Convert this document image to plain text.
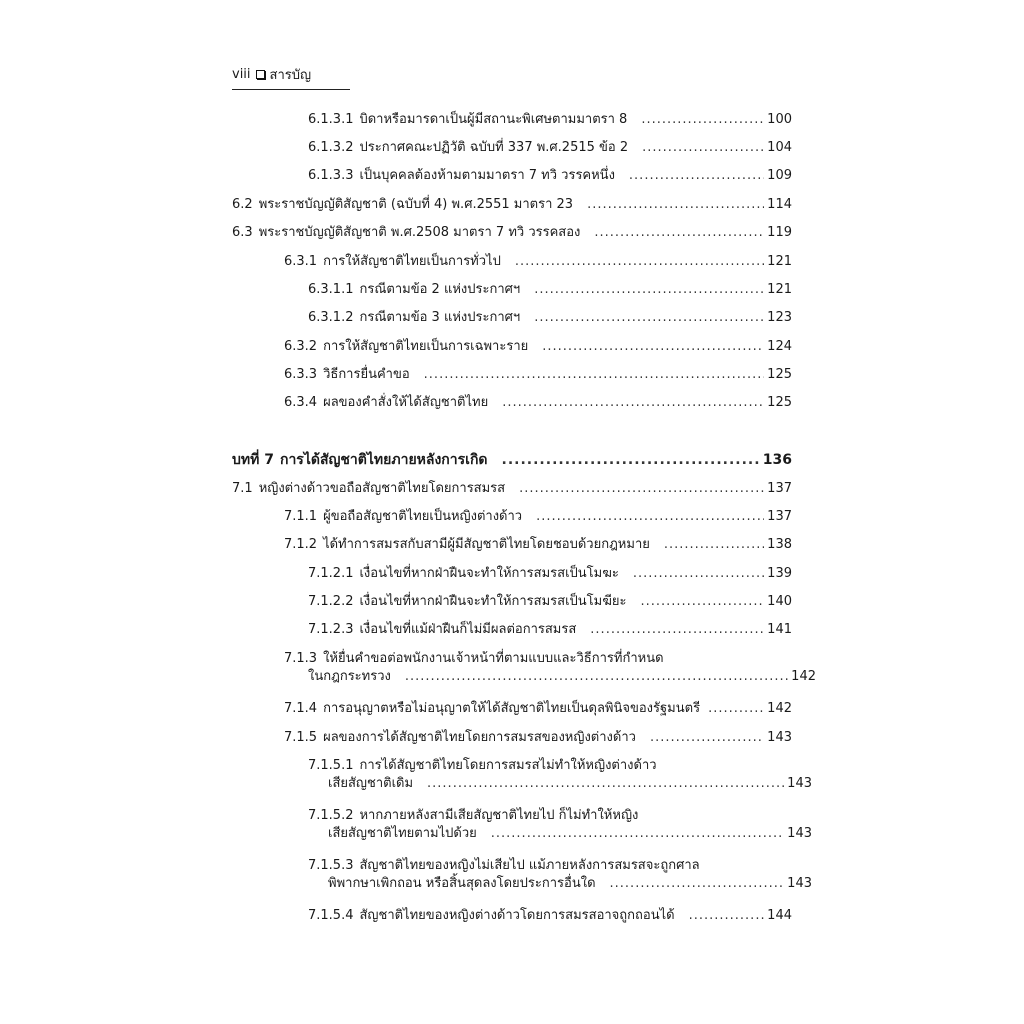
viii สารบัญ
6.1.3.1 บิดาหรือมารดาเป็นผู้มีสถานะพิเศษตามมาตรา 8 .....	100
6.1.3.2 ประกาศคณะปฏิวัติ ฉบับที่ 337 พ.ศ.2515 ข้อ 2 .....	104
6.1.3.3 เป็นบุคคลต้องห้ามตามมาตรา 7 ทวิ วรรคหนึ่ง .....	109
6.2 พระราชบัญญัติสัญชาติ (ฉบับที่ 4) พ.ศ.2551 มาตรา 23 .....	114
6.3 พระราชบัญญัติสัญชาติ พ.ศ.2508 มาตรา 7 ทวิ วรรคสอง .....	119
6.3.1 การให้สัญชาติไทยเป็นการทั่วไป .....	121
6.3.1.1 กรณีตามข้อ 2 แห่งประกาศฯ .....	121
6.3.1.2 กรณีตามข้อ 3 แห่งประกาศฯ .....	123
6.3.2 การให้สัญชาติไทยเป็นการเฉพาะราย .....	124
6.3.3 วิธีการยื่นคำขอ .....	125
6.3.4 ผลของคำสั่งให้ได้สัญชาติไทย .....	125
บทที่ 7 การได้สัญชาติไทยภายหลังการเกิด .....	136
7.1 หญิงต่างด้าวขอถือสัญชาติไทยโดยการสมรส .....	137
7.1.1 ผู้ขอถือสัญชาติไทยเป็นหญิงต่างด้าว .....	137
7.1.2 ได้ทำการสมรสกับสามีผู้มีสัญชาติไทยโดยชอบด้วยกฎหมาย .....	138
7.1.2.1 เงื่อนไขที่หากฝ่าฝืนจะทำให้การสมรสเป็นโมฆะ .....	139
7.1.2.2 เงื่อนไขที่หากฝ่าฝืนจะทำให้การสมรสเป็นโมฆียะ .....	140
7.1.2.3 เงื่อนไขที่แม้ฝ่าฝืนก็ไม่มีผลต่อการสมรส .....	141
7.1.3 ให้ยื่นคำขอต่อพนักงานเจ้าหน้าที่ตามแบบและวิธีการที่กำหนด
ในกฎกระทรวง .....	142
7.1.4 การอนุญาตหรือไม่อนุญาตให้ได้สัญชาติไทยเป็นดุลพินิจของรัฐมนตรี .....	142
7.1.5 ผลของการได้สัญชาติไทยโดยการสมรสของหญิงต่างด้าว .....	143
7.1.5.1 การได้สัญชาติไทยโดยการสมรสไม่ทำให้หญิงต่างด้าว
เสียสัญชาติเดิม .....	143
7.1.5.2 หากภายหลังสามีเสียสัญชาติไทยไป ก็ไม่ทำให้หญิง
เสียสัญชาติไทยตามไปด้วย .....	143
7.1.5.3 สัญชาติไทยของหญิงไม่เสียไป แม้ภายหลังการสมรสจะถูกศาล
พิพากษาเพิกถอน หรือสิ้นสุดลงโดยประการอื่นใด .....	143
7.1.5.4 สัญชาติไทยของหญิงต่างด้าวโดยการสมรสอาจถูกถอนได้ .....	144
